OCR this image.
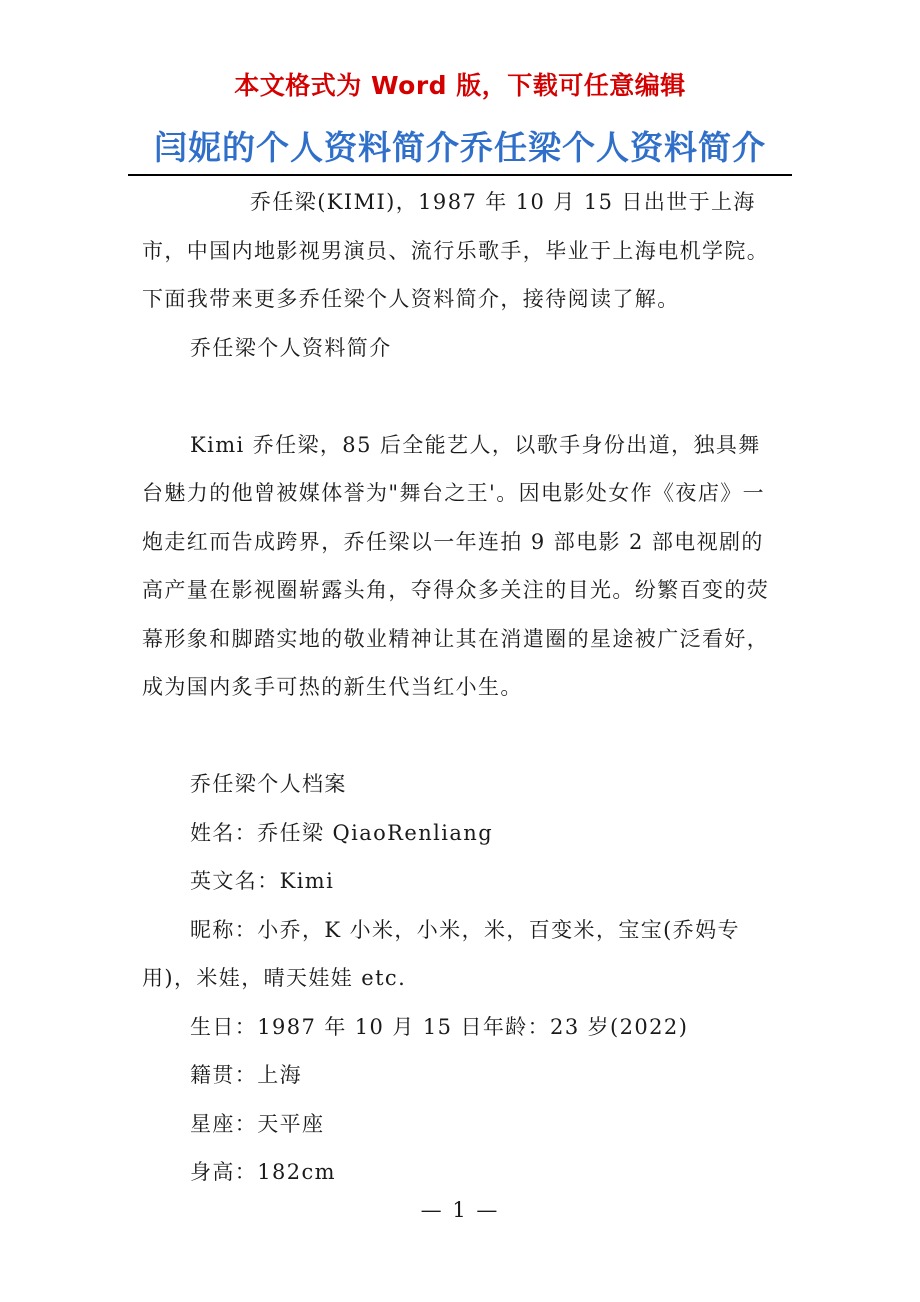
本文格式为 Word 版，下载可任意编辑
闫妮的个人资料简介乔任梁个人资料简介

乔任梁(KIMI)，1987 年 10 月 15 日出世于上海市，中国内地影视男演员、流行乐歌手，毕业于上海电机学院。下面我带来更多乔任梁个人资料简介，接待阅读了解。

乔任梁个人资料简介

Kimi 乔任梁，85 后全能艺人，以歌手身份出道，独具舞台魅力的他曾被媒体誉为"舞台之王'。因电影处女作《夜店》一炮走红而告成跨界，乔任梁以一年连拍 9 部电影 2 部电视剧的高产量在影视圈崭露头角，夺得众多关注的目光。纷繁百变的荧幕形象和脚踏实地的敬业精神让其在消遣圈的星途被广泛看好，成为国内炙手可热的新生代当红小生。

乔任梁个人档案

姓名：乔任梁 QiaoRenliang

英文名：Kimi

昵称：小乔，K 小米，小米，米，百变米，宝宝(乔妈专用)，米娃，晴天娃娃 etc.

生日：1987 年 10 月 15 日年龄：23 岁(2022)

籍贯：上海

星座：天平座

身高：182cm

— 1 —
